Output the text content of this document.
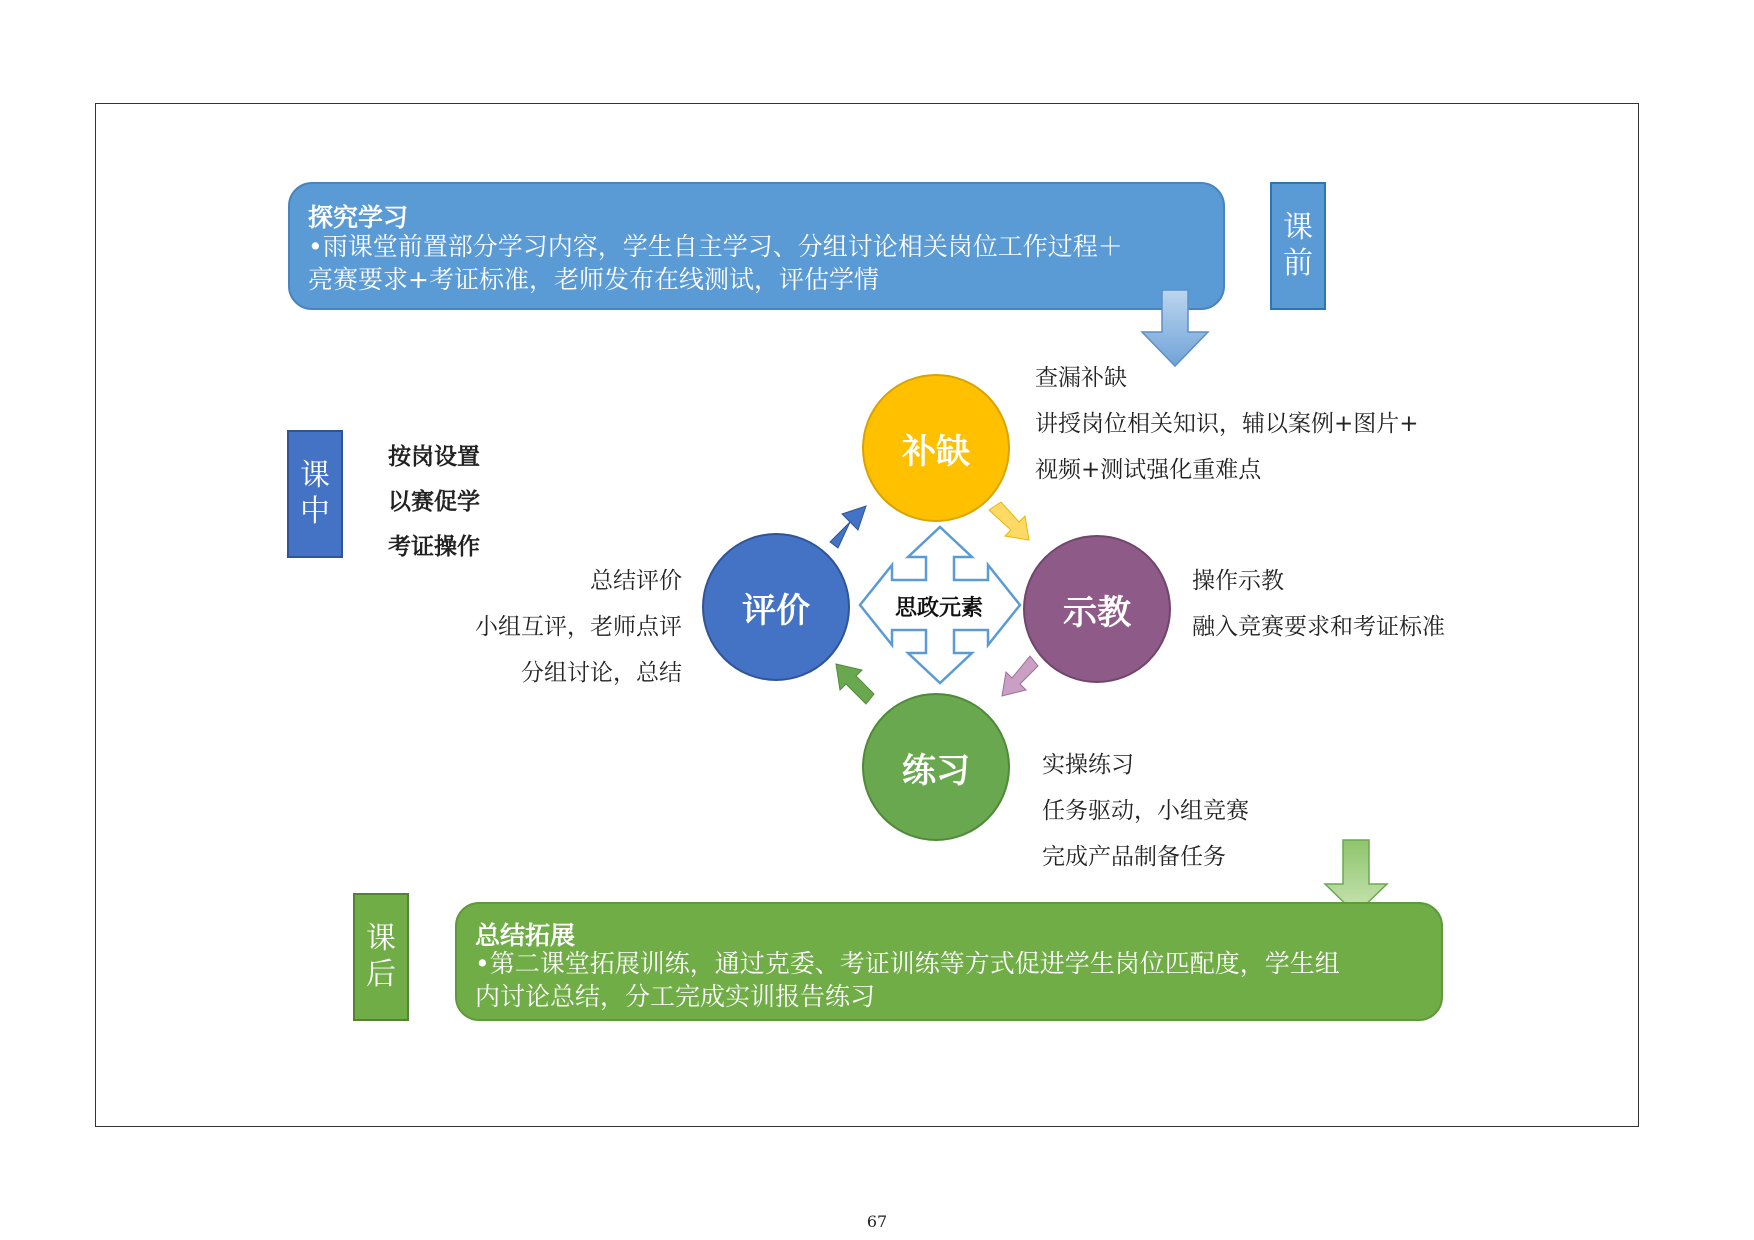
探究学习
•雨课堂前置部分学习内容，学生自主学习、分组讨论相关岗位工作过程＋
亮赛要求+考证标准，老师发布在线测试，评估学情
课
前
课
中
按岗设置
以赛促学
考证操作
思政元素
补缺
评价	示教
练习
查漏补缺
讲授岗位相关知识，辅以案例+图片+
视频+测试强化重难点
操作示教
融入竞赛要求和考证标准
实操练习
任务驱动，小组竞赛
完成产品制备任务
总结评价
小组互评，老师点评
分组讨论，总结
课
后
总结拓展
•第二课堂拓展训练，通过克委、考证训练等方式促进学生岗位匹配度，学生组
内讨论总结，分工完成实训报告练习
67
